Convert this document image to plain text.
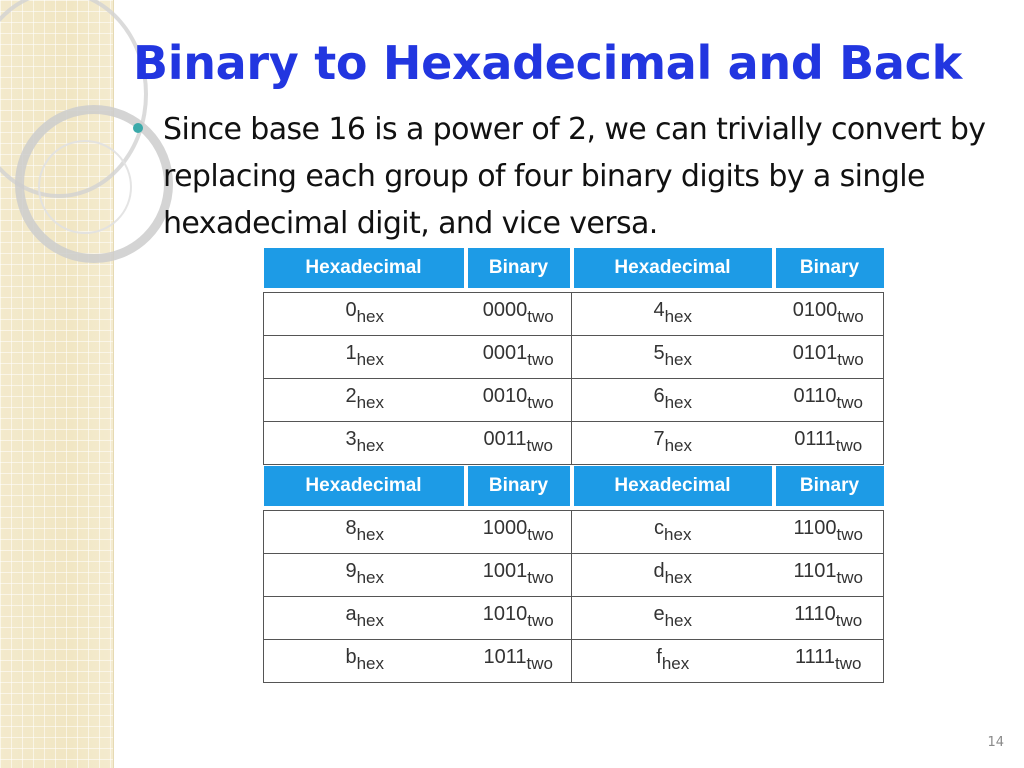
Binary to Hexadecimal and Back

Since base 16 is a power of 2, we can trivially convert by replacing each group of four binary digits by a single hexadecimal digit, and vice versa.

Hexadecimal	Binary	Hexadecimal	Binary

$0_{hex}$	$0000_{two}$	$4_{hex}$	$0100_{two}$
$1_{hex}$	$0001_{two}$	$5_{hex}$	$0101_{two}$
$2_{hex}$	$0010_{two}$	$6_{hex}$	$0110_{two}$
$3_{hex}$	$0011_{two}$	$7_{hex}$	$0111_{two}$
Hexadecimal	Binary	Hexadecimal	Binary

$8_{hex}$	$1000_{two}$	$c_{hex}$	$1100_{two}$
$9_{hex}$	$1001_{two}$	$d_{hex}$	$1101_{two}$
$a_{hex}$	$1010_{two}$	$e_{hex}$	$1110_{two}$
$b_{hex}$	$1011_{two}$	$f_{hex}$	$1111_{two}$
14
